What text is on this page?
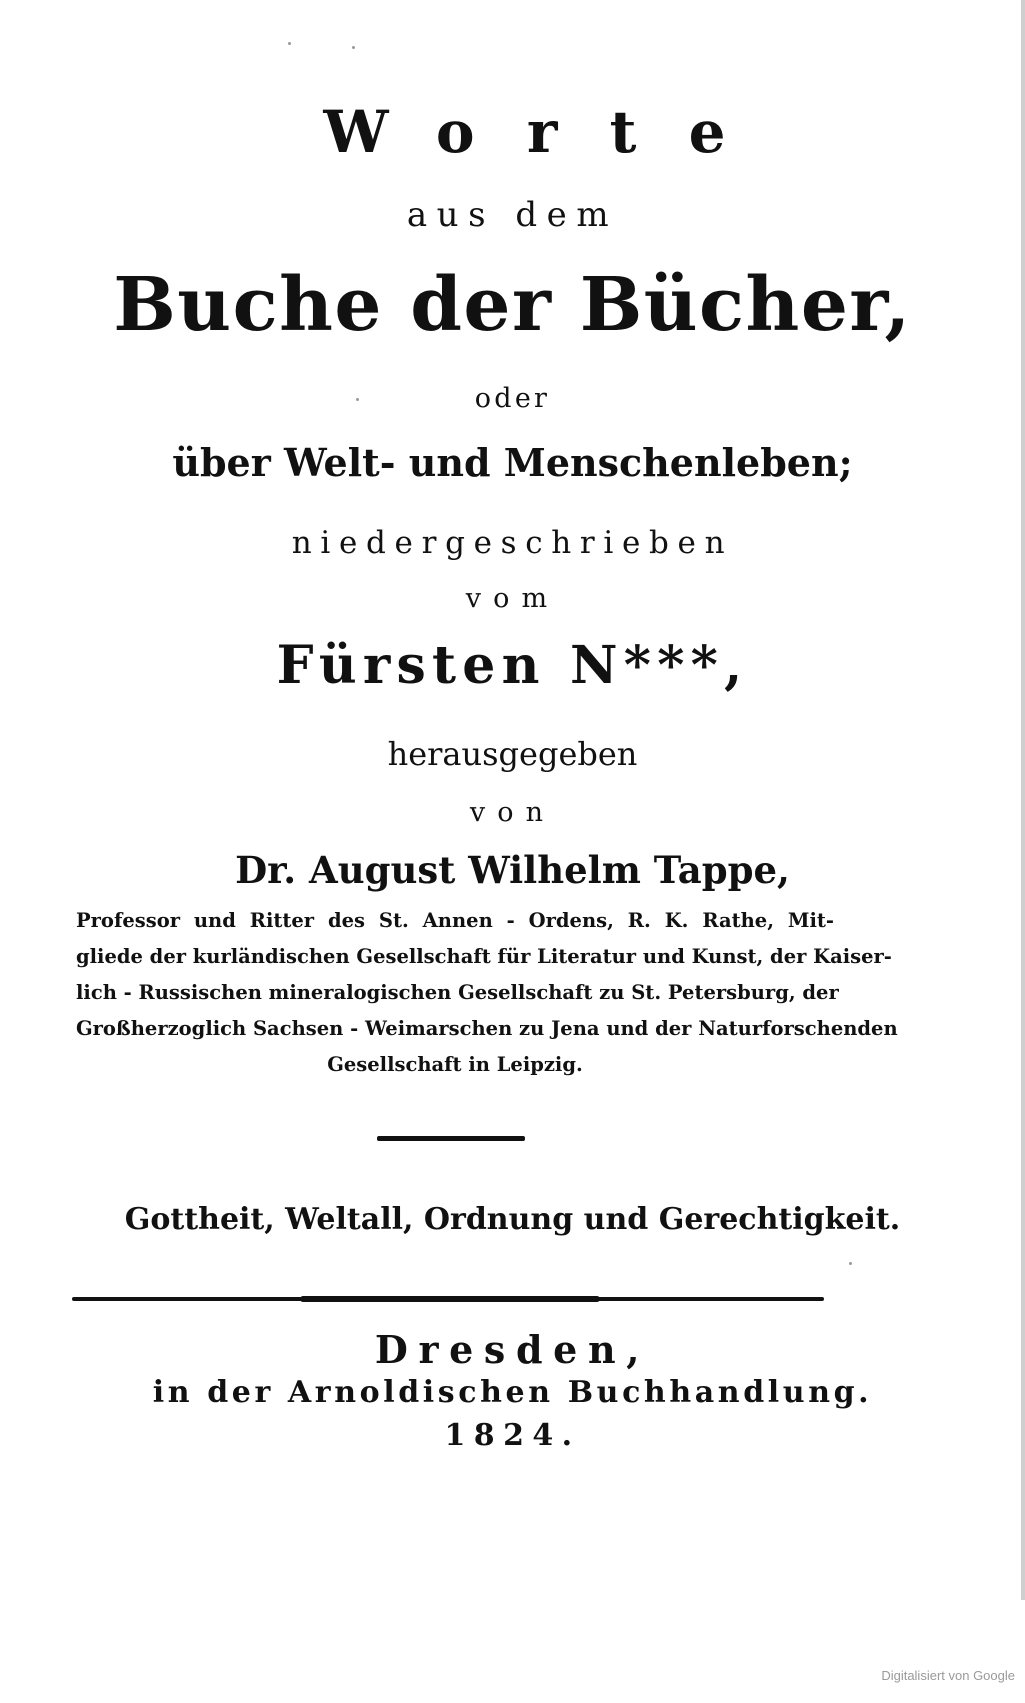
Worte
aus dem
Buche der Bücher,
oder
über Welt- und Menschenleben;
niedergeschrieben
vom
Fürsten N***,
herausgegeben
von
Dr. August Wilhelm Tappe,
Professor und Ritter des St. Annen - Ordens, R. K. Rathe, Mit-
gliede der kurländischen Gesellschaft für Literatur und Kunst, der Kaiser-
lich - Russischen mineralogischen Gesellschaft zu St. Petersburg, der
Großherzoglich Sachsen - Weimarschen zu Jena und der Naturforschenden
Gesellschaft in Leipzig.
Gottheit, Weltall, Ordnung und Gerechtigkeit.
Dresden,
in der Arnoldischen Buchhandlung.
1824.
Digitalisiert von Google
